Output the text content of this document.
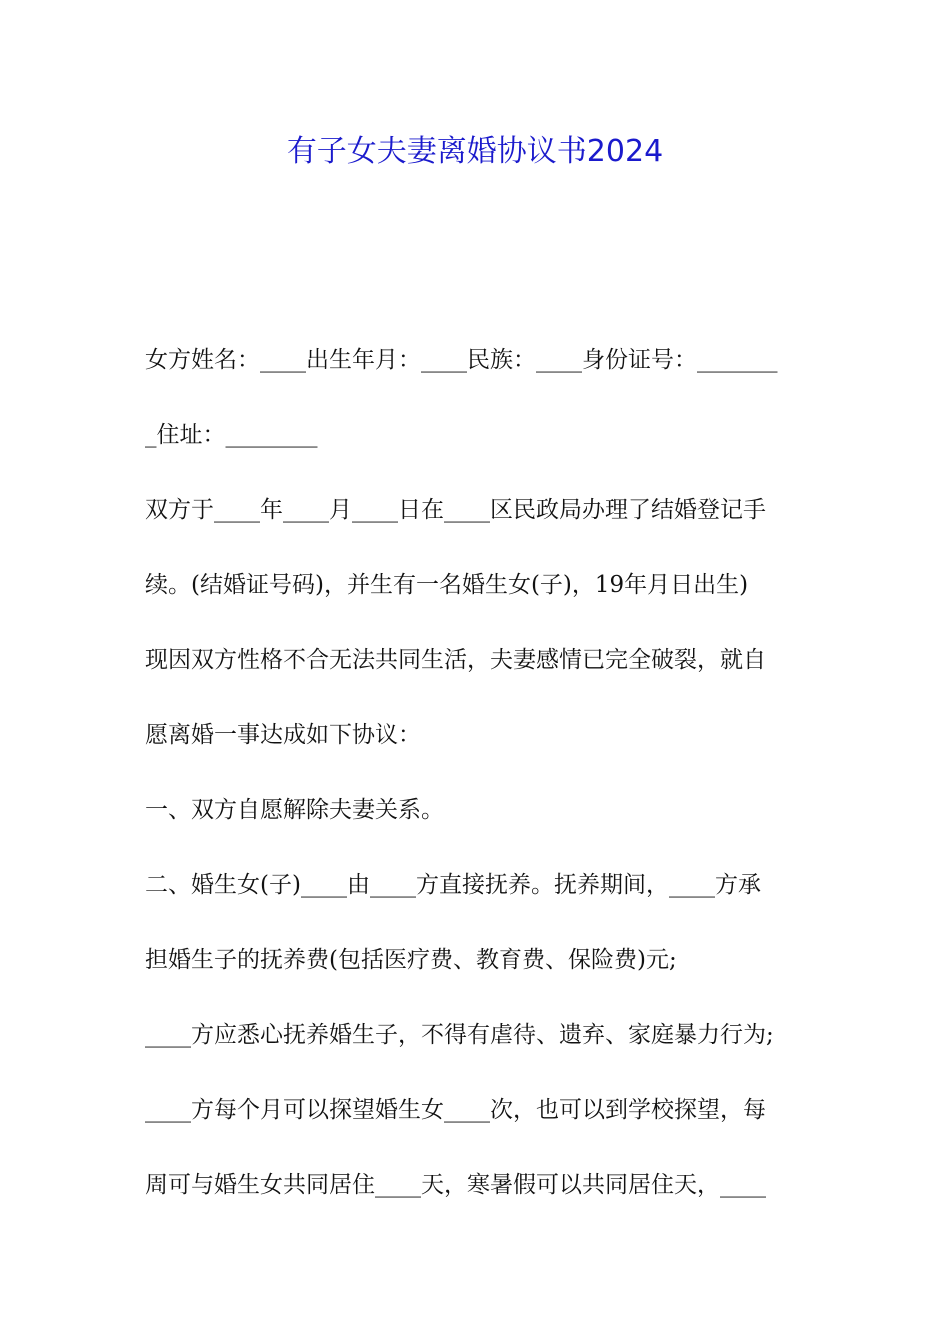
有子女夫妻离婚协议书2024
女方姓名：____出生年月：____民族：____身份证号：_______
_住址：________
双方于____年____月____日在____区民政局办理了结婚登记手
续。(结婚证号码)，并生有一名婚生女(子)，19年月日出生)
现因双方性格不合无法共同生活，夫妻感情已完全破裂，就自
愿离婚一事达成如下协议：
一、双方自愿解除夫妻关系。
二、婚生女(子)____由____方直接抚养。抚养期间，____方承
担婚生子的抚养费(包括医疗费、教育费、保险费)元;
____方应悉心抚养婚生子，不得有虐待、遗弃、家庭暴力行为;
____方每个月可以探望婚生女____次，也可以到学校探望，每
周可与婚生女共同居住____天，寒暑假可以共同居住天，____
